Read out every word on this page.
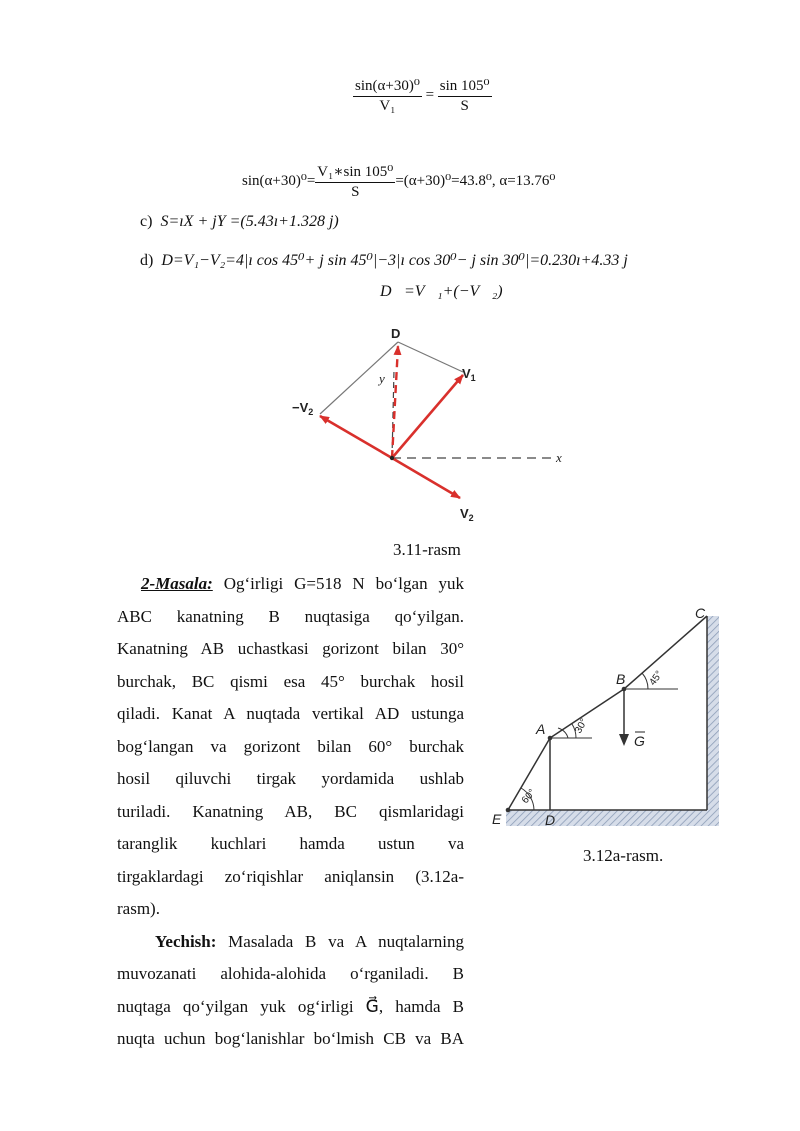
$\frac{\text{sin(α+30)⁰}}{\text{V₁}} = \frac{\text{sin 105⁰}}{S}$
$\sin(\alpha+30)^0= \frac{\text{V₁∗sin 105⁰}}{S} =(\alpha+30)^0=43.8^0$, α=13.76⁰
c) S=ıX + jY =(5.43ı+1.328 j)
d) D=V₁−V₂=4|ı cos 45⁰+ j sin 45⁰|−3|ı cos 30⁰− j sin 30⁰|=0.230ı+4.33 j
D⃗=V⃗₁+(−V⃗₂)
D
y	$V_1$
$-V_2$
$V_2$
x
3.11-rasm
2-Masala: Og‘irligi G=518 N bo‘lgan yuk
ABC kanatning B nuqtasiga qo‘yilgan.
Kanatning AB uchastkasi gorizont bilan 30°
burchak, BC qismi esa 45° burchak hosil
qiladi. Kanat A nuqtada vertikal AD ustunga
bog‘langan va gorizont bilan 60° burchak
hosil qiluvchi tirgak yordamida ushlab
turiladi. Kanatning AB, BC qismlaridagi
taranglik kuchlari hamda ustun va
tirgaklardagi zo‘riqishlar aniqlansin (3.12a-
rasm).
Yechish: Masalada B va A nuqtalarning
muvozanati alohida-alohida o‘rganiladi. B
nuqtaga qo‘yilgan yuk og‘irligi G⃗, hamda B
nuqta uchun bog‘lanishlar bo‘lmish CB va BA
C
B
A
E	D
G
45°
30°
60°
3.12a-rasm.
